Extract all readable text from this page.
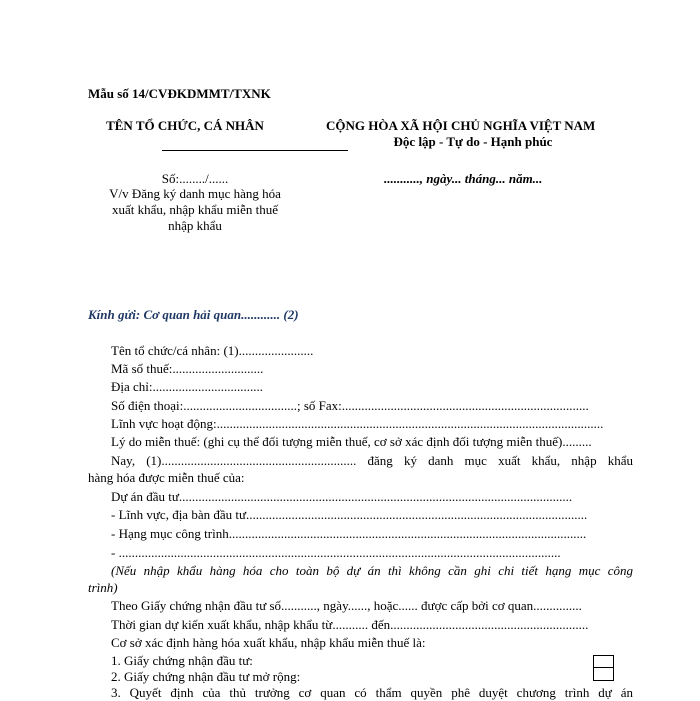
Mẫu số 14/CVĐKDMMT/TXNK
TÊN TỔ CHỨC, CÁ NHÂN	CỘNG HÒA XÃ HỘI CHỦ NGHĨA VIỆT NAM
Độc lập - Tự do - Hạnh phúc
Số:......../......
V/v Đăng ký danh mục hàng hóa
xuất khẩu, nhập khẩu miễn thuế
nhập khẩu
..........., ngày... tháng... năm...
Kính gửi: Cơ quan hải quan............ (2)
Tên tổ chức/cá nhân: (1).......................
Mã số thuế:............................
Địa chỉ:..................................
Số điện thoại:...................................; số Fax:............................................................................
Lĩnh vực hoạt động:.......................................................................................................................
Lý do miễn thuế: (ghi cụ thể đối tượng miễn thuế, cơ sở xác định đối tượng miễn thuế).........
Nay, (1)............................................................ đăng ký danh mục xuất khẩu, nhập khẩu
hàng hóa được miễn thuế của:
Dự án đầu tư.........................................................................................................................
- Lĩnh vực, địa bàn đầu tư.........................................................................................................
- Hạng mục công trình..............................................................................................................
- ........................................................................................................................................
(Nếu nhập khẩu hàng hóa cho toàn bộ dự án thì không cần ghi chi tiết hạng mục công
trình)
Theo Giấy chứng nhận đầu tư số..........., ngày......, hoặc...... được cấp bởi cơ quan...............
Thời gian dự kiến xuất khẩu, nhập khẩu từ........... đến.............................................................
Cơ sở xác định hàng hóa xuất khẩu, nhập khẩu miễn thuế là:
1. Giấy chứng nhận đầu tư:
2. Giấy chứng nhận đầu tư mở rộng:
3. Quyết định của thủ trưởng cơ quan có thẩm quyền phê duyệt chương trình dự án
